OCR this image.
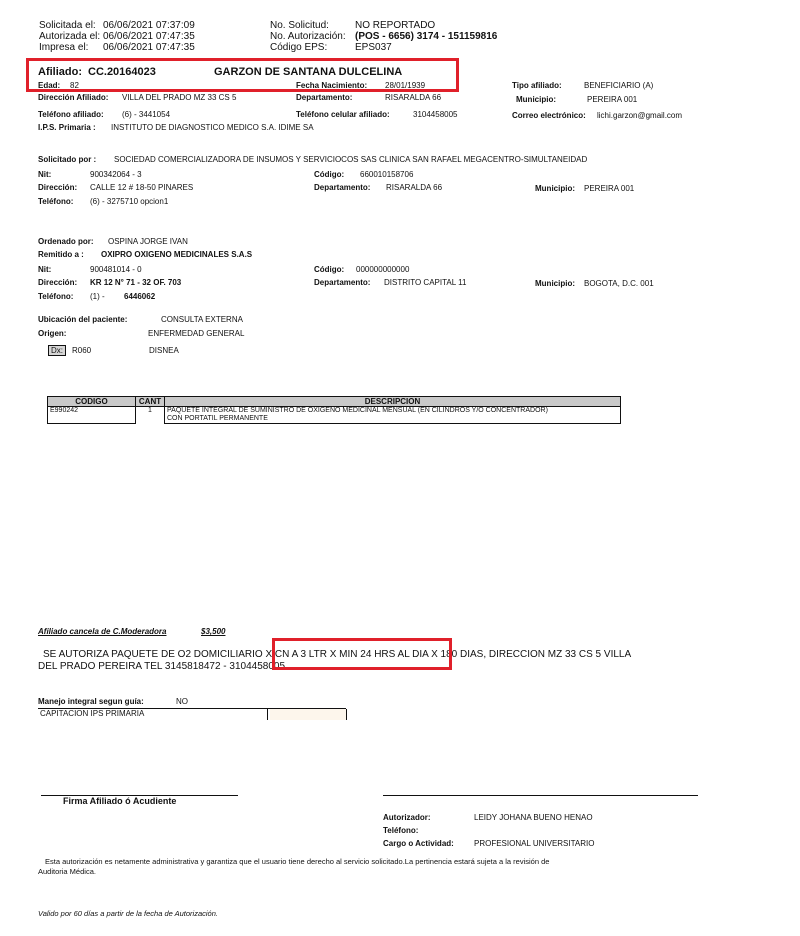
Solicitada el: 06/06/2021 07:37:09
Autorizada el: 06/06/2021 07:47:35
Impresa el: 06/06/2021 07:47:35
No. Solicitud:	NO REPORTADO
No. Autorización: (POS - 6656) 3174 - 151159816
Código EPS:	EPS037
Afiliado: CC.20164023	GARZON DE SANTANA DULCELINA
Edad: 82	Fecha Nacimiento: 28/01/1939	Tipo afiliado:	BENEFICIARIO (A)
Dirección Afiliado: VILLA DEL PRADO MZ 33 CS 5	Departamento:	RISARALDA 66	Municipio:	PEREIRA 001
Teléfono afiliado: (6) - 3441054	Teléfono celular afiliado:	3104458005	Correo electrónico: lichi.garzon@gmail.com
I.P.S. Primaria : INSTITUTO DE DIAGNOSTICO MEDICO S.A. IDIME SA
Solicitado por : SOCIEDAD COMERCIALIZADORA DE INSUMOS Y SERVICIOCOS SAS CLINICA SAN RAFAEL MEGACENTRO-SIMULTANEIDAD
Nit:	900342064 - 3	Código: 660010158706
Dirección: CALLE 12 # 18-50 PINARES	Departamento: RISARALDA 66	Municipio: PEREIRA 001
Teléfono: (6) - 3275710 opcion1
Ordenado por: OSPINA JORGE IVAN
Remitido a : OXIPRO OXIGENO MEDICINALES S.A.S
Nit:	900481014 - 0	Código: 000000000000
Dirección: KR 12 N° 71 - 32 OF. 703	Departamento: DISTRITO CAPITAL 11	Municipio: BOGOTA, D.C. 001
Teléfono: (1) - 6446062
Ubicación del paciente:	CONSULTA EXTERNA
Origen:	ENFERMEDAD GENERAL
Dx:	R060	DISNEA
CODIGO	CANT	DESCRIPCION
E990242	1	PAQUETE INTEGRAL DE SUMINISTRO DE OXIGENO MEDICINAL MENSUAL (EN CILINDROS Y/O CONCENTRADOR)
CON PORTATIL PERMANENTE
Afiliado cancela de C.Moderadora	$3,500
SE AUTORIZA PAQUETE DE O2 DOMICILIARIO X CN A 3 LTR X MIN 24 HRS AL DIA X 180 DIAS, DIRECCION MZ 33 CS 5 VILLA
DEL PRADO PEREIRA TEL 3145818472 - 3104458005
Manejo integral segun guía:	NO
CAPITACION IPS PRIMARIA
Firma Afiliado ó Acudiente
Autorizador:	LEIDY JOHANA BUENO HENAO
Teléfono:
Cargo o Actividad:	PROFESIONAL UNIVERSITARIO
Esta autorización es netamente administrativa y garantiza que el usuario tiene derecho al servicio solicitado.La pertinencia estará sujeta a la revisión de
Auditoria Médica.
Valido por 60 días a partir de la fecha de Autorización.
